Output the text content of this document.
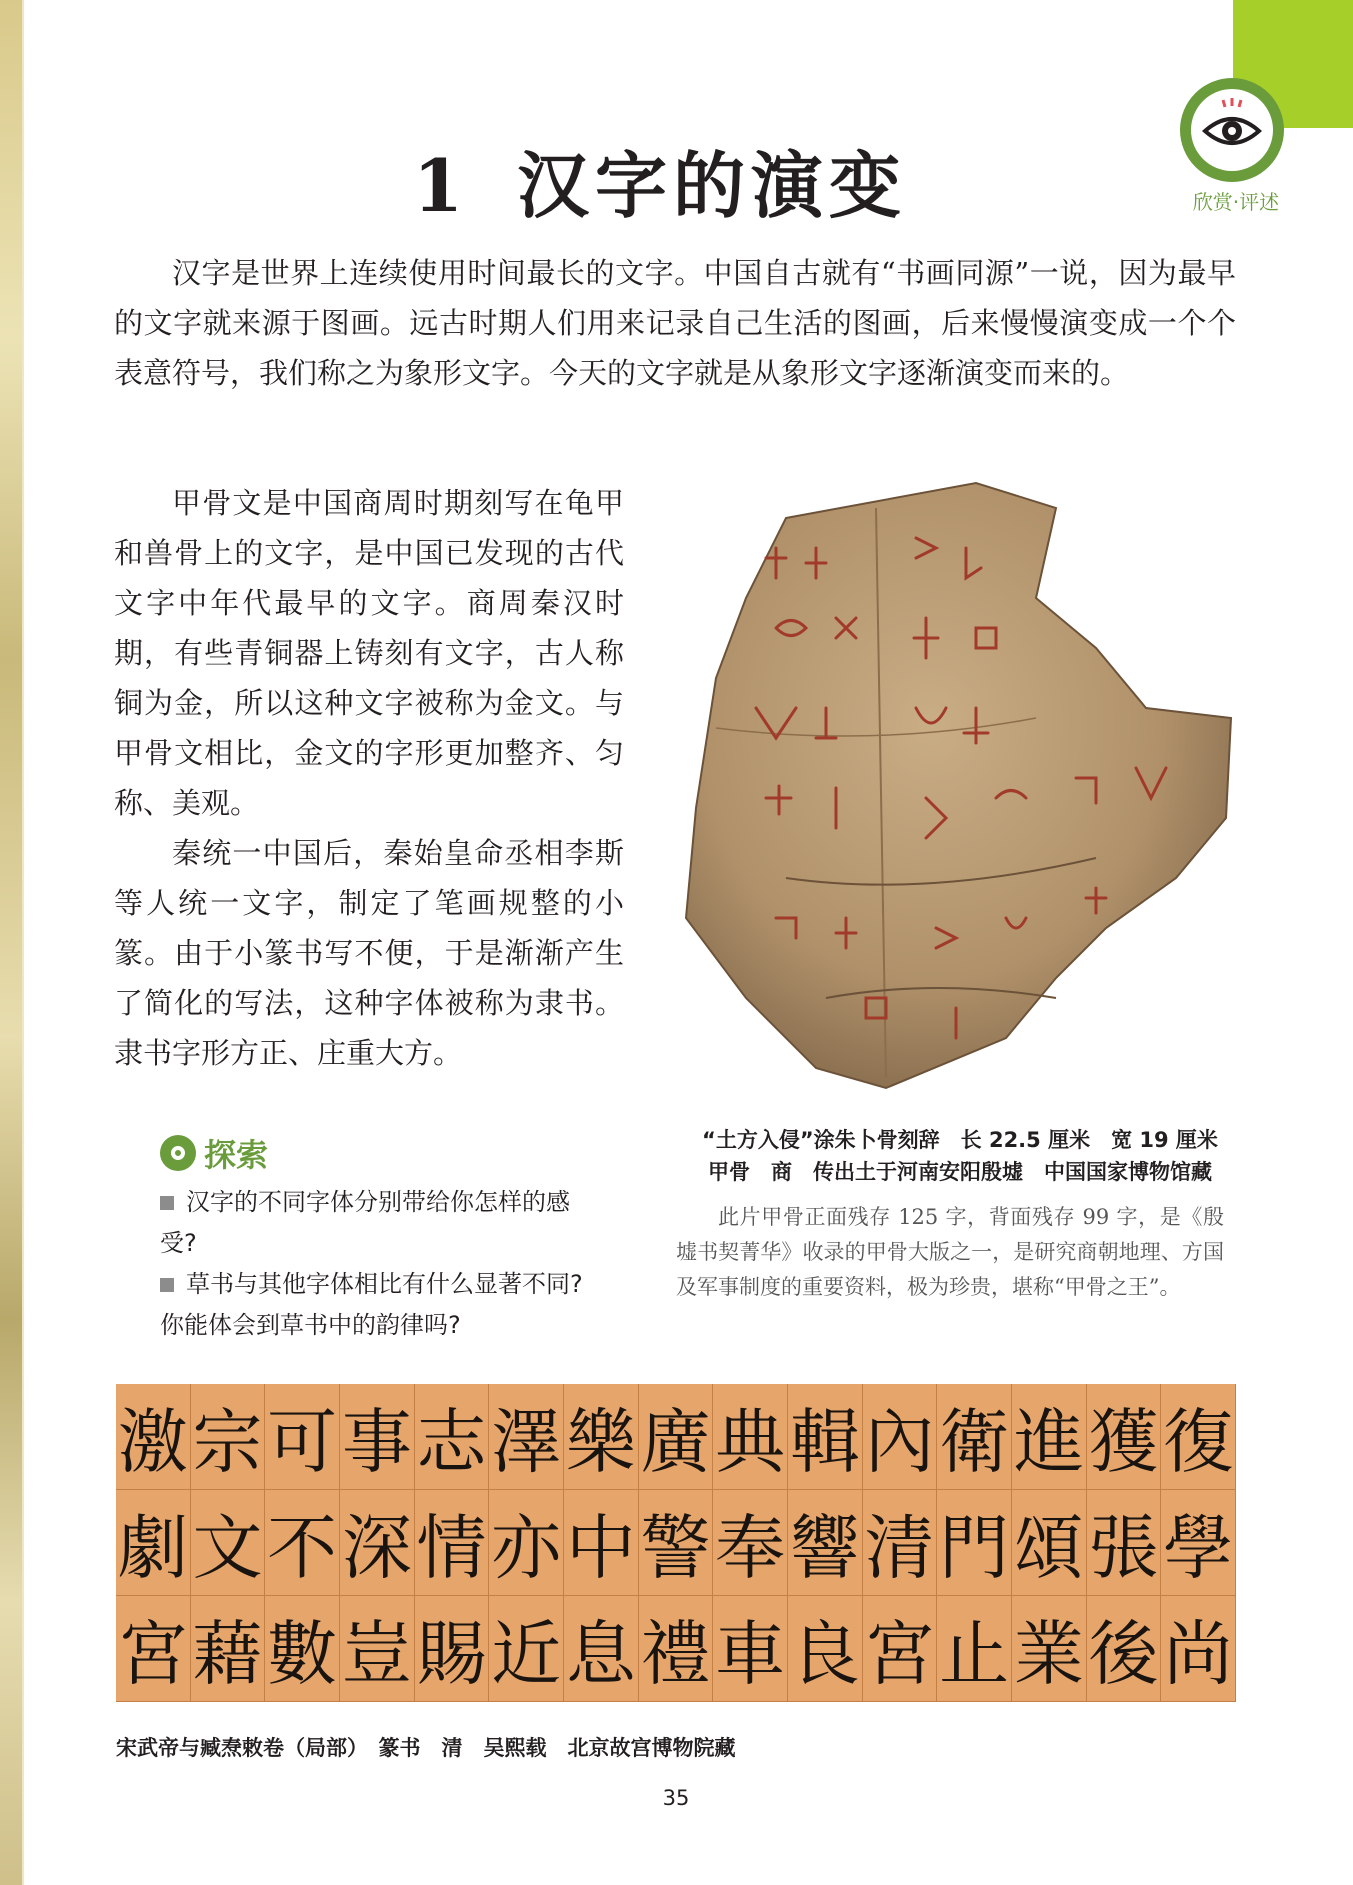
欣赏·评述
1 汉字的演变

汉字是世界上连续使用时间最长的文字。中国自古就有“书画同源”一说，因为最早的文字就来源于图画。远古时期人们用来记录自己生活的图画，后来慢慢演变成一个个表意符号，我们称之为象形文字。今天的文字就是从象形文字逐渐演变而来的。

甲骨文是中国商周时期刻写在龟甲和兽骨上的文字，是中国已发现的古代文字中年代最早的文字。商周秦汉时期，有些青铜器上铸刻有文字，古人称铜为金，所以这种文字被称为金文。与甲骨文相比，金文的字形更加整齐、匀称、美观。

秦统一中国后，秦始皇命丞相李斯等人统一文字，制定了笔画规整的小篆。由于小篆书写不便，于是渐渐产生了简化的写法，这种字体被称为隶书。隶书字形方正、庄重大方。

“土方入侵”涂朱卜骨刻辞　长 22.5 厘米　宽 19 厘米
甲骨　商　传出土于河南安阳殷墟　中国国家博物馆藏

此片甲骨正面残存 125 字，背面残存 99 字，是《殷墟书契菁华》收录的甲骨大版之一，是研究商朝地理、方国及军事制度的重要资料，极为珍贵，堪称“甲骨之王”。

探索
汉字的不同字体分别带给你怎样的感受?
草书与其他字体相比有什么显著不同? 你能体会到草书中的韵律吗?
激 宗 可 事 志 澤 樂 廣 典 輯 內 衛 進 獲 復
劇 文 不 深 情 亦 中 警 奉 響 清 門 頌 張 學
宮 藉 數 豈 賜 近 息 禮 車 良 宮 止 業 後 尚
宋武帝与臧焘敕卷（局部）　篆书　清　吴熙载　北京故宫博物院藏
35
